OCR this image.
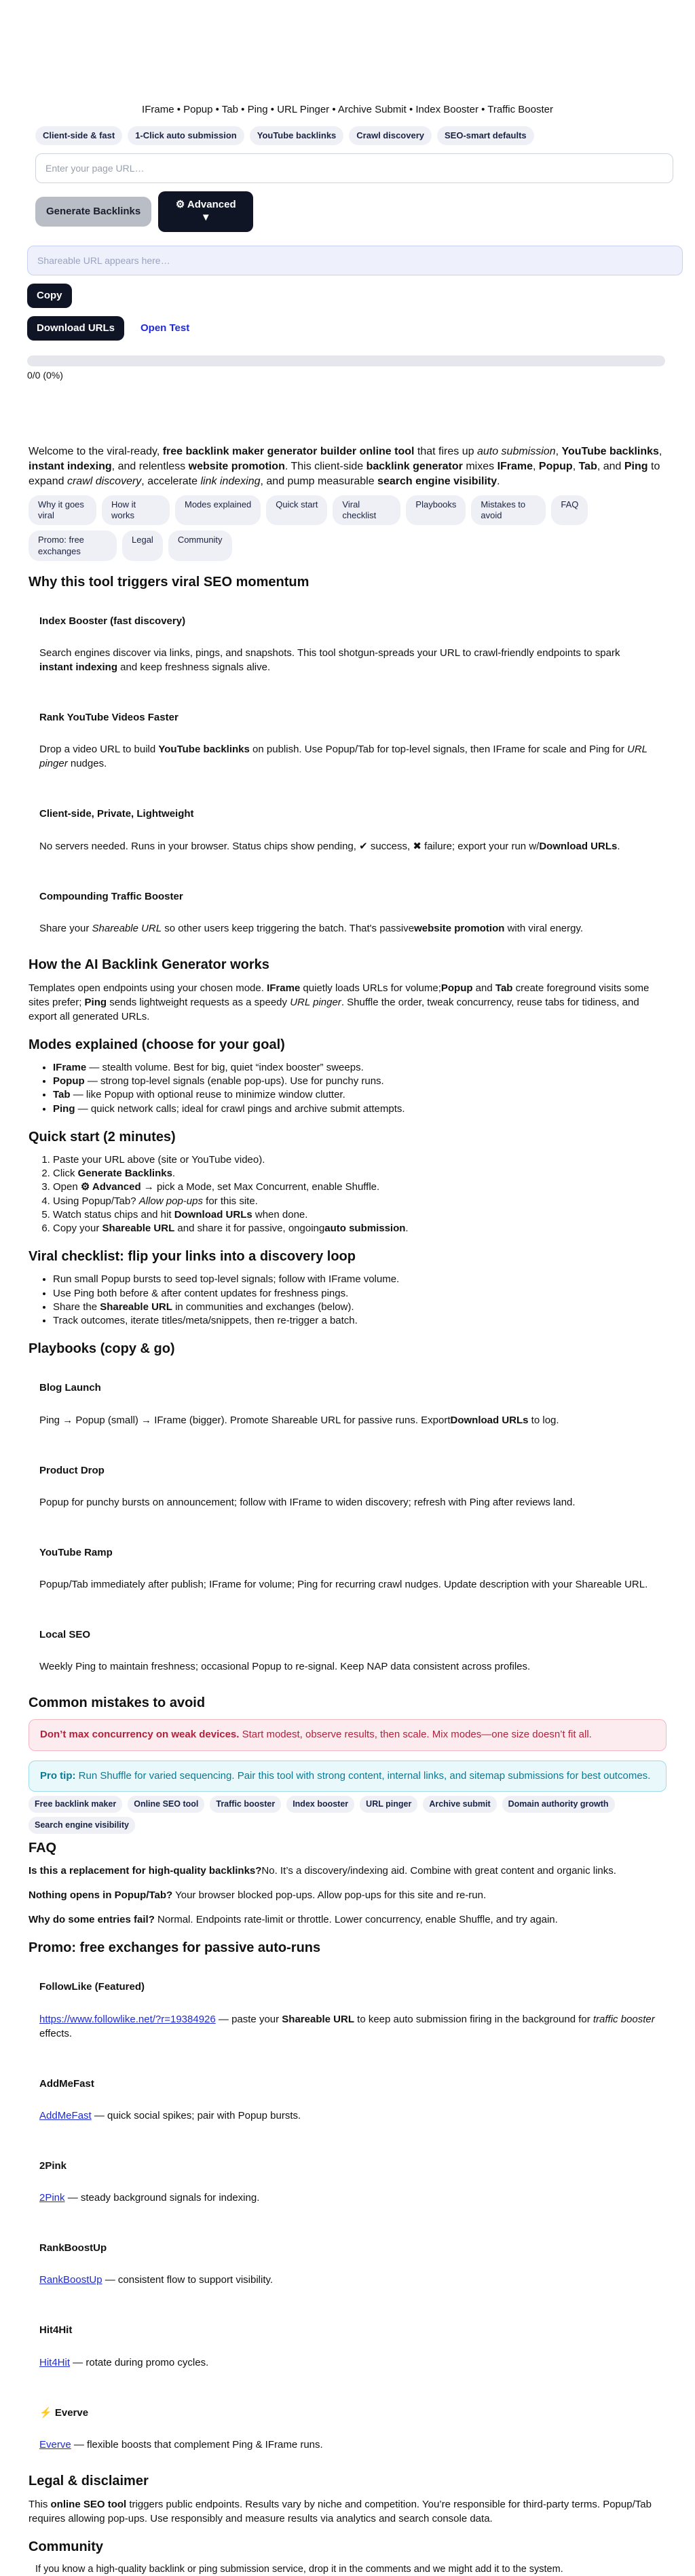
IFrame • Popup • Tab • Ping • URL Pinger • Archive Submit • Index Booster • Traffic Booster
Client-side & fast	1-Click auto submission	YouTube backlinks	Crawl discovery	SEO-smart defaults
Enter your page URL…
Generate Backlinks
⚙ Advanced
▼
Shareable URL appears here…
Copy
Download URLs	Open Test
0/0 (0%)

Welcome to the viral-ready, free backlink maker generator builder online tool that fires up auto submission, YouTube backlinks, instant indexing, and relentless website promotion. This client-side backlink generator mixes IFrame, Popup, Tab, and Ping to expand crawl discovery, accelerate link indexing, and pump measurable search engine visibility.

Why it goes viral
How it works
Modes explained	Quick start	Viral checklist
Playbooks	Mistakes to avoid
FAQ
Promo: free exchanges
Legal	Community
Why this tool triggers viral SEO momentum
Index Booster (fast discovery)

Search engines discover via links, pings, and snapshots. This tool shotgun-spreads your URL to crawl-friendly endpoints to spark instant indexing and keep freshness signals alive.

Rank YouTube Videos Faster

Drop a video URL to build YouTube backlinks on publish. Use Popup/Tab for top-level signals, then IFrame for scale and Ping for URL pinger nudges.

Client-side, Private, Lightweight

No servers needed. Runs in your browser. Status chips show pending, ✔ success, ✖ failure; export your run w/Download URLs.

Compounding Traffic Booster

Share your Shareable URL so other users keep triggering the batch. That's passivewebsite promotion with viral energy.

How the AI Backlink Generator works

Templates open endpoints using your chosen mode. IFrame quietly loads URLs for volume;Popup and Tab create foreground visits some sites prefer; Ping sends lightweight requests as a speedy URL pinger. Shuffle the order, tweak concurrency, reuse tabs for tidiness, and export all generated URLs.

Modes explained (choose for your goal)
• IFrame — stealth volume. Best for big, quiet “index booster” sweeps.
• Popup — strong top-level signals (enable pop-ups). Use for punchy runs.
• Tab — like Popup with optional reuse to minimize window clutter.
• Ping — quick network calls; ideal for crawl pings and archive submit attempts.
Quick start (2 minutes)
1. Paste your URL above (site or YouTube video).
2. Click Generate Backlinks.
3. Open ⚙ Advanced → pick a Mode, set Max Concurrent, enable Shuffle.
4. Using Popup/Tab? Allow pop-ups for this site.
5. Watch status chips and hit Download URLs when done.
6. Copy your Shareable URL and share it for passive, ongoingauto submission.
Viral checklist: flip your links into a discovery loop
• Run small Popup bursts to seed top-level signals; follow with IFrame volume.
• Use Ping both before & after content updates for freshness pings.
• Share the Shareable URL in communities and exchanges (below).
• Track outcomes, iterate titles/meta/snippets, then re-trigger a batch.
Playbooks (copy & go)
Blog Launch

Ping → Popup (small) → IFrame (bigger). Promote Shareable URL for passive runs. ExportDownload URLs to log.

Product Drop

Popup for punchy bursts on announcement; follow with IFrame to widen discovery; refresh with Ping after reviews land.

YouTube Ramp

Popup/Tab immediately after publish; IFrame for volume; Ping for recurring crawl nudges. Update description with your Shareable URL.

Local SEO

Weekly Ping to maintain freshness; occasional Popup to re-signal. Keep NAP data consistent across profiles.

Common mistakes to avoid
Don’t max concurrency on weak devices. Start modest, observe results, then scale. Mix modes—one size doesn’t fit all.
Pro tip: Run Shuffle for varied sequencing. Pair this tool with strong content, internal links, and sitemap submissions for best outcomes.
Free backlink maker	Online SEO tool	Traffic booster	Index booster	URL pinger	Archive submit	Domain authority growth
Search engine visibility
FAQ

Is this a replacement for high-quality backlinks?No. It’s a discovery/indexing aid. Combine with great content and organic links.

Nothing opens in Popup/Tab? Your browser blocked pop-ups. Allow pop-ups for this site and re-run.

Why do some entries fail? Normal. Endpoints rate-limit or throttle. Lower concurrency, enable Shuffle, and try again.

Promo: free exchanges for passive auto-runs
FollowLike (Featured)

https://www.followlike.net/?r=19384926 — paste your Shareable URL to keep auto submission firing in the background for traffic booster effects.

AddMeFast

AddMeFast — quick social spikes; pair with Popup bursts.

2Pink

2Pink — steady background signals for indexing.

RankBoostUp

RankBoostUp — consistent flow to support visibility.

Hit4Hit

Hit4Hit — rotate during promo cycles.

⚡ Everve

Everve — flexible boosts that complement Ping & IFrame runs.

Legal & disclaimer

This online SEO tool triggers public endpoints. Results vary by niche and competition. You’re responsible for third-party terms. Popup/Tab requires allowing pop-ups. Use responsibly and measure results via analytics and search console data.

Community

If you know a high-quality backlink or ping submission service, drop it in the comments and we might add it to the system.
